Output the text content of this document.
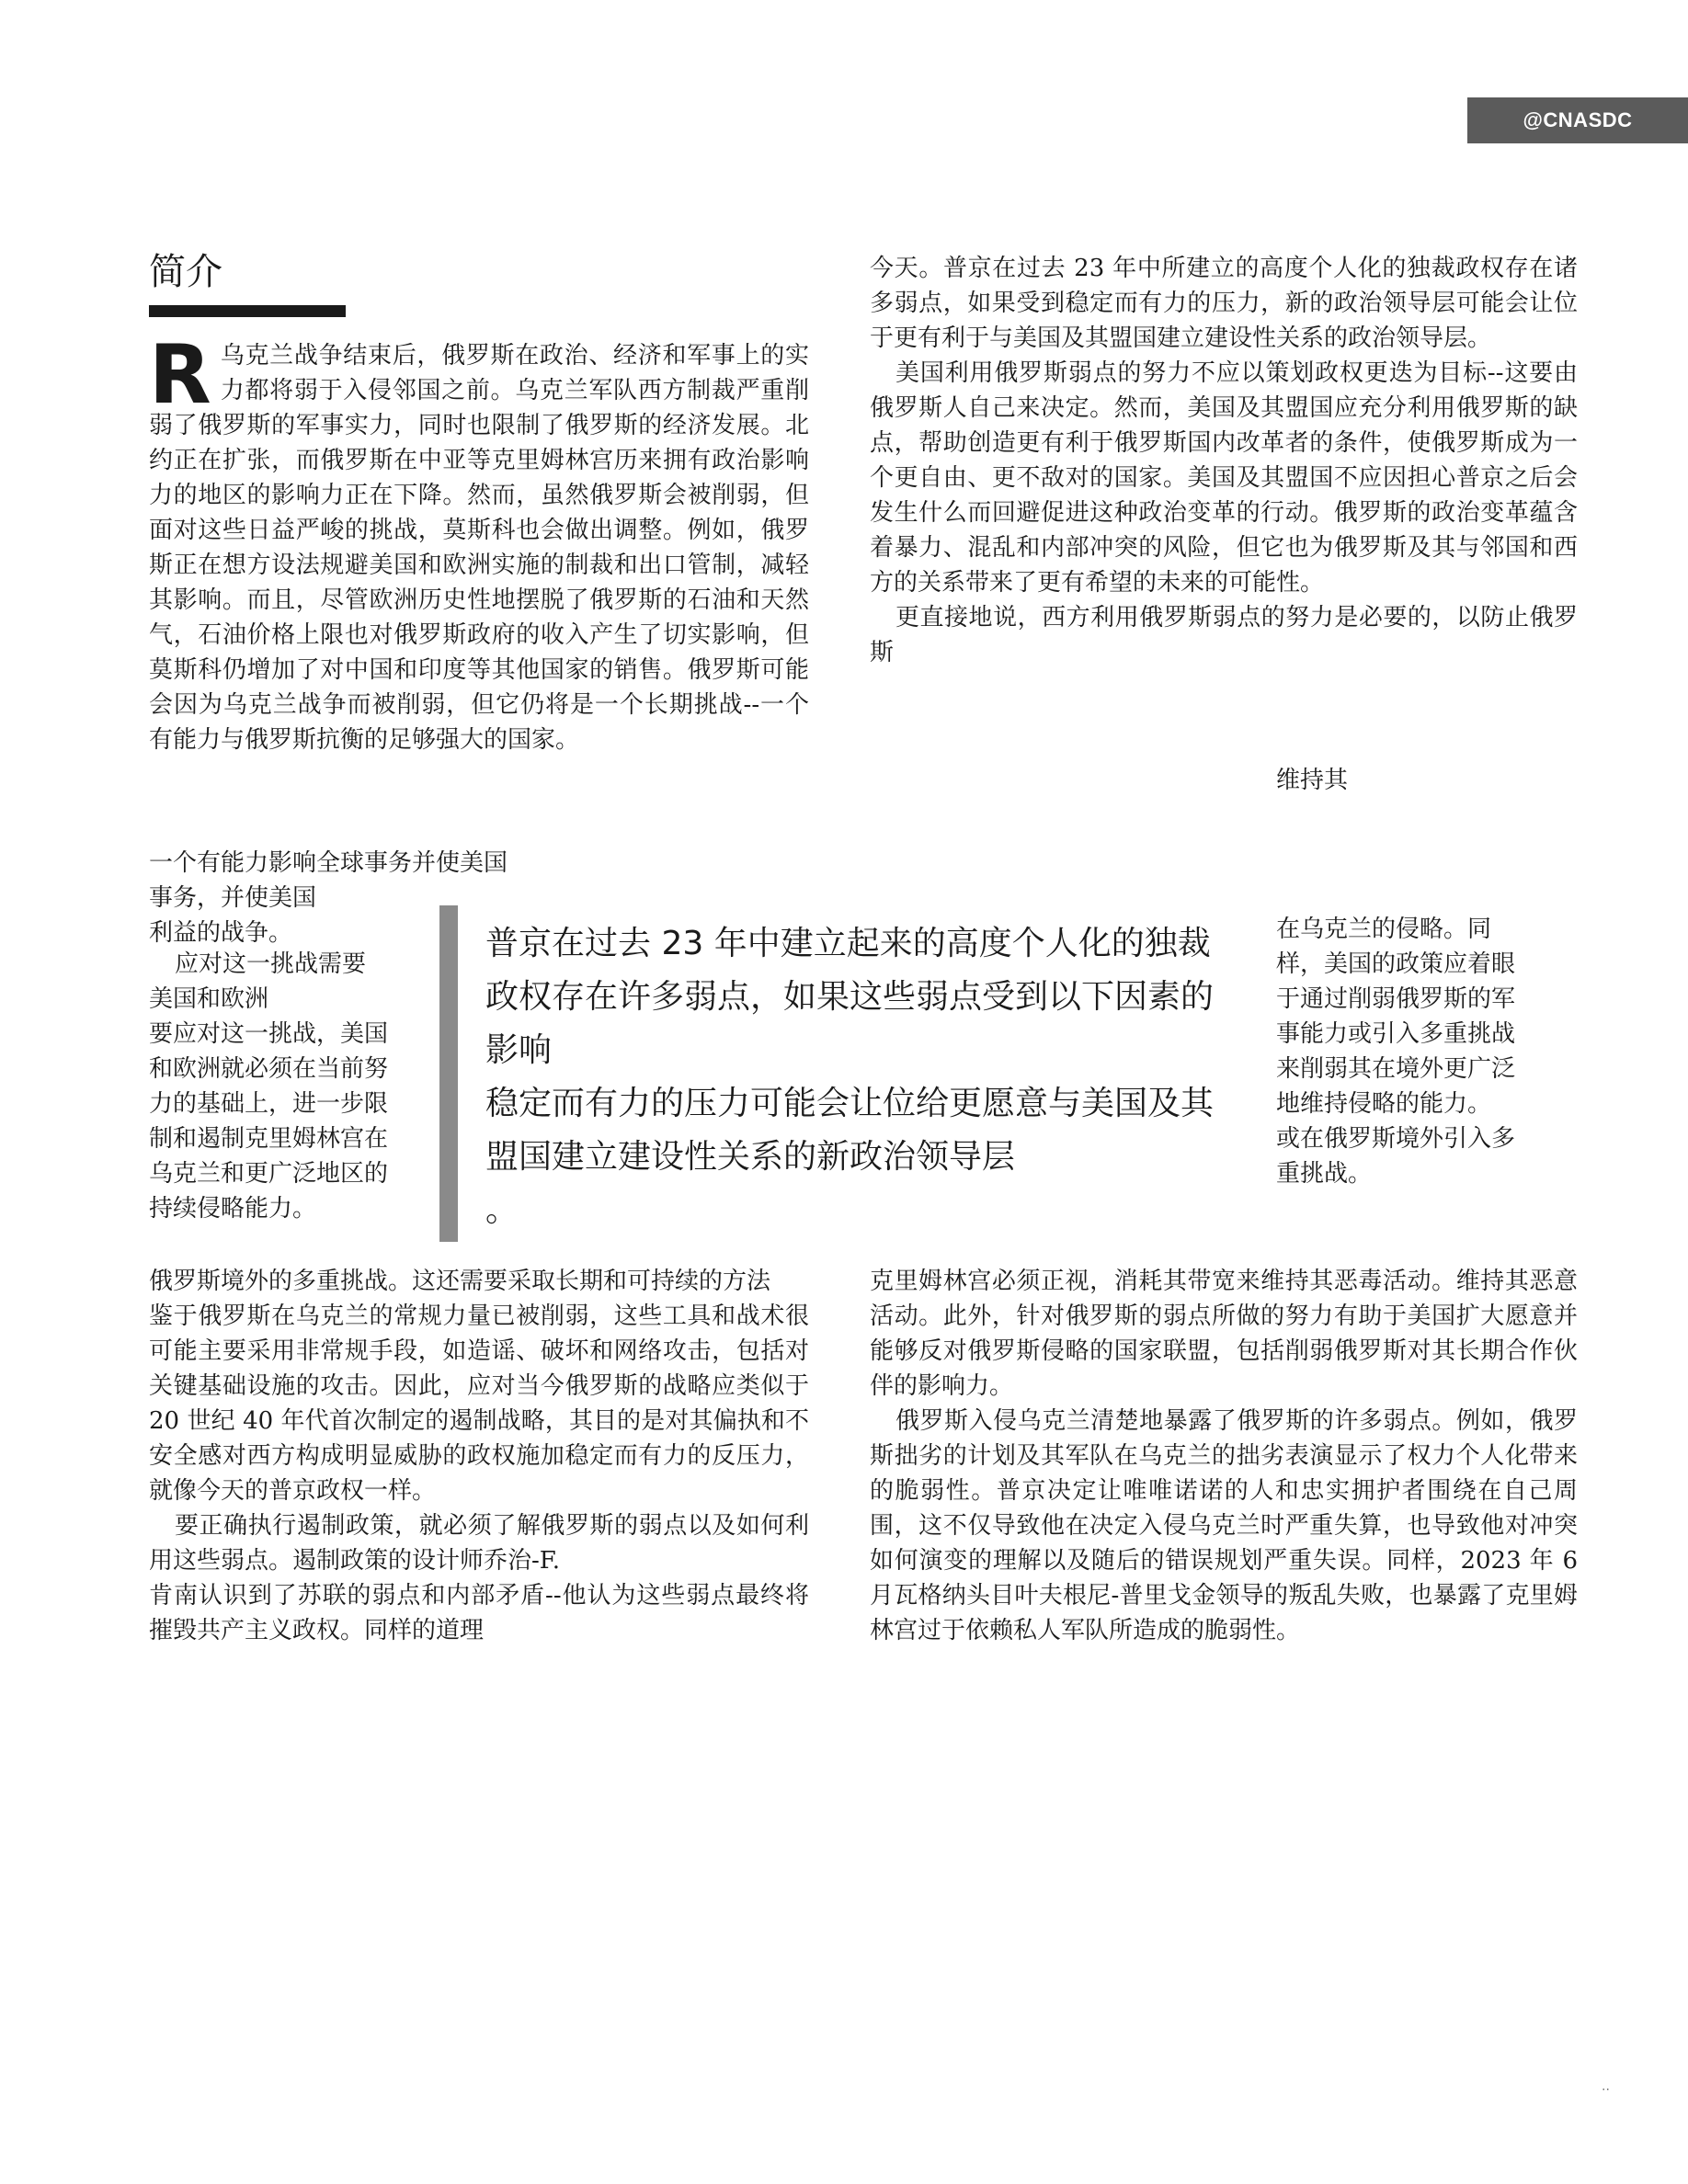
@CNASDC
简介
R 乌克兰战争结束后，俄罗斯在政治、经济和军事上的实力都将弱于入侵邻国之前。乌克兰军队西方制裁严重削弱了俄罗斯的军事实力，同时也限制了俄罗斯的经济发展。北约正在扩张，而俄罗斯在中亚等克里姆林宫历来拥有政治影响力的地区的影响力正在下降。然而，虽然俄罗斯会被削弱，但面对这些日益严峻的挑战，莫斯科也会做出调整。例如，俄罗斯正在想方设法规避美国和欧洲实施的制裁和出口管制，减轻其影响。而且，尽管欧洲历史性地摆脱了俄罗斯的石油和天然气，石油价格上限也对俄罗斯政府的收入产生了切实影响，但莫斯科仍增加了对中国和印度等其他国家的销售。俄罗斯可能会因为乌克兰战争而被削弱，但它仍将是一个长期挑战--一个有能力与俄罗斯抗衡的足够强大的国家。

一个有能力影响全球事务并使美国

事务，并使美国

利益的战争。

应对这一挑战需要

美国和欧洲

要应对这一挑战，美国和欧洲就必须在当前努力的基础上，进一步限制和遏制克里姆林宫在乌克兰和更广泛地区的持续侵略能力。

普京在过去 23 年中建立起来的高度个人化的独裁政权存在许多弱点，如果这些弱点受到以下因素的影响

稳定而有力的压力可能会让位给更愿意与美国及其盟国建立建设性关系的新政治领导层

。

俄罗斯境外的多重挑战。这还需要采取长期和可持续的方法

鉴于俄罗斯在乌克兰的常规力量已被削弱，这些工具和战术很可能主要采用非常规手段，如造谣、破坏和网络攻击，包括对关键基础设施的攻击。因此，应对当今俄罗斯的战略应类似于 20 世纪 40 年代首次制定的遏制战略，其目的是对其偏执和不安全感对西方构成明显威胁的政权施加稳定而有力的反压力，就像今天的普京政权一样。

要正确执行遏制政策，就必须了解俄罗斯的弱点以及如何利用这些弱点。遏制政策的设计师乔治-F.

肯南认识到了苏联的弱点和内部矛盾--他认为这些弱点最终将摧毁共产主义政权。同样的道理

今天。普京在过去 23 年中所建立的高度个人化的独裁政权存在诸多弱点，如果受到稳定而有力的压力，新的政治领导层可能会让位于更有利于与美国及其盟国建立建设性关系的政治领导层。

美国利用俄罗斯弱点的努力不应以策划政权更迭为目标--这要由俄罗斯人自己来决定。然而，美国及其盟国应充分利用俄罗斯的缺点，帮助创造更有利于俄罗斯国内改革者的条件，使俄罗斯成为一个更自由、更不敌对的国家。美国及其盟国不应因担心普京之后会发生什么而回避促进这种政治变革的行动。俄罗斯的政治变革蕴含着暴力、混乱和内部冲突的风险，但它也为俄罗斯及其与邻国和西方的关系带来了更有希望的未来的可能性。

更直接地说，西方利用俄罗斯弱点的努力是必要的，以防止俄罗斯

维持其

在乌克兰的侵略。同样，美国的政策应着眼于通过削弱俄罗斯的军事能力或引入多重挑战来削弱其在境外更广泛地维持侵略的能力。

或在俄罗斯境外引入多重挑战。

克里姆林宫必须正视，消耗其带宽来维持其恶毒活动。维持其恶意活动。此外，针对俄罗斯的弱点所做的努力有助于美国扩大愿意并能够反对俄罗斯侵略的国家联盟，包括削弱俄罗斯对其长期合作伙伴的影响力。

俄罗斯入侵乌克兰清楚地暴露了俄罗斯的许多弱点。例如，俄罗斯拙劣的计划及其军队在乌克兰的拙劣表演显示了权力个人化带来的脆弱性。普京决定让唯唯诺诺的人和忠实拥护者围绕在自己周围，这不仅导致他在决定入侵乌克兰时严重失算，也导致他对冲突如何演变的理解以及随后的错误规划严重失误。同样，2023 年 6 月瓦格纳头目叶夫根尼-普里戈金领导的叛乱失败，也暴露了克里姆林宫过于依赖私人军队所造成的脆弱性。

..
